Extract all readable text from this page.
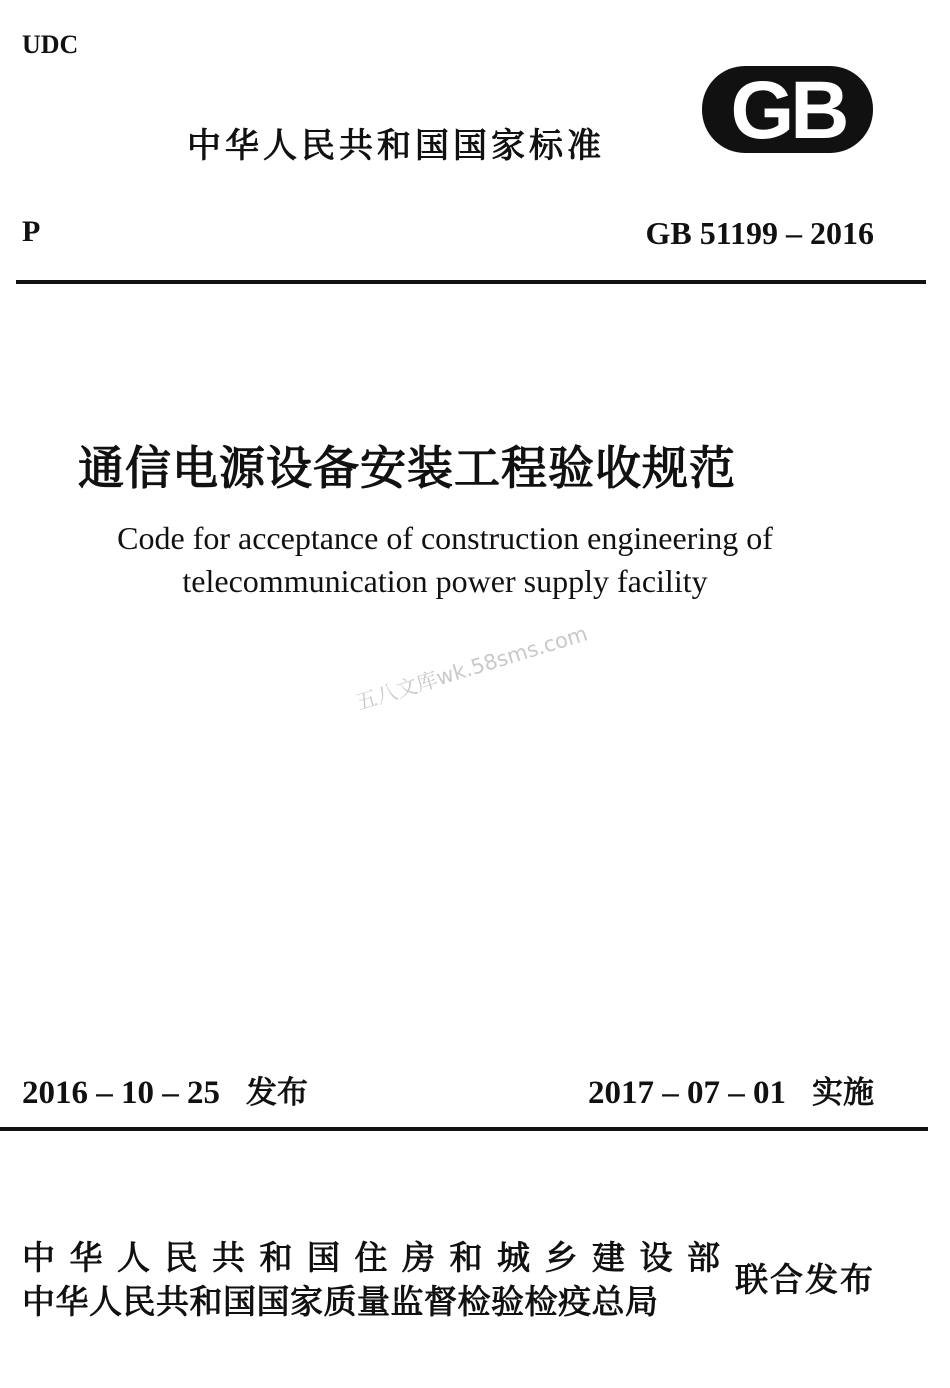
UDC
中华人民共和国国家标准 GB
P	GB 51199 – 2016
通信电源设备安装工程验收规范
Code for acceptance of construction engineering of
telecommunication power supply facility
五八文库wk.58sms.com
2016 – 10 – 25 发布	2017 – 07 – 01 实施
中华人民共和国住房和城乡建设部
中华人民共和国国家质量监督检验检疫总局
联合发布
